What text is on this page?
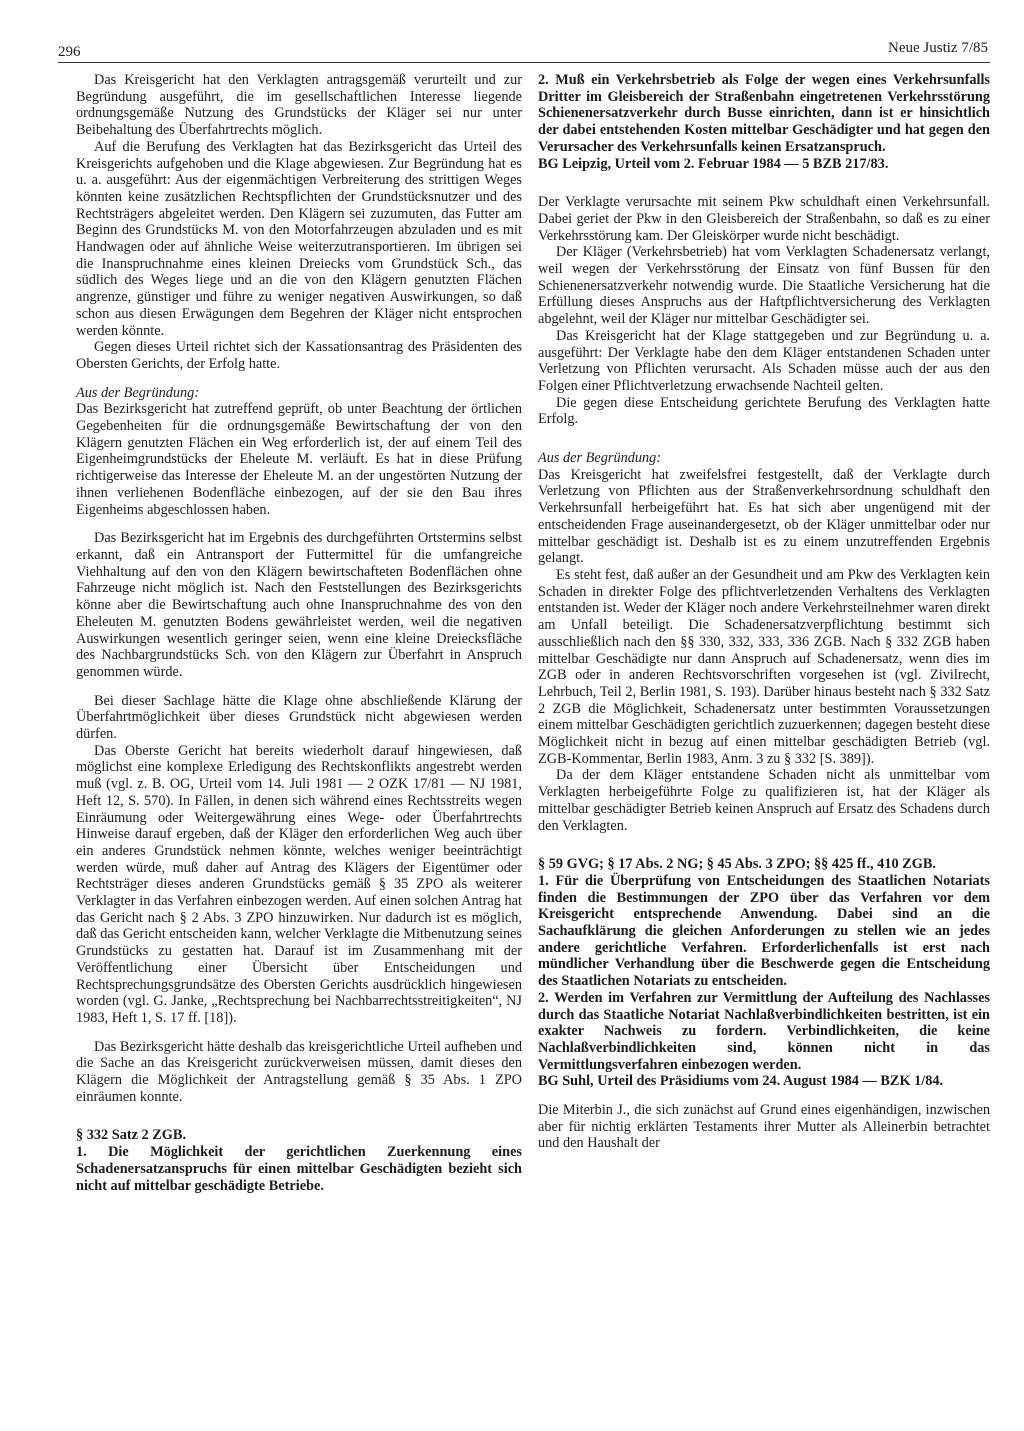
296	Neue Justiz 7/85

Das Kreisgericht hat den Verklagten antragsgemäß verurteilt und zur Begründung ausgeführt, die im gesellschaftlichen Interesse liegende ordnungsgemäße Nutzung des Grundstücks der Kläger sei nur unter Beibehaltung des Überfahrtrechts möglich.

Auf die Berufung des Verklagten hat das Bezirksgericht das Urteil des Kreisgerichts aufgehoben und die Klage abgewiesen. Zur Begründung hat es u. a. ausgeführt: Aus der eigenmächtigen Verbreiterung des strittigen Weges könnten keine zusätzlichen Rechtspflichten der Grundstücksnutzer und des Rechtsträgers abgeleitet werden. Den Klägern sei zuzumuten, das Futter am Beginn des Grundstücks M. von den Motorfahrzeugen abzuladen und es mit Handwagen oder auf ähnliche Weise weiterzutransportieren. Im übrigen sei die Inanspruchnahme eines kleinen Dreiecks vom Grundstück Sch., das südlich des Weges liege und an die von den Klägern genutzten Flächen angrenze, günstiger und führe zu weniger negativen Auswirkungen, so daß schon aus diesen Erwägungen dem Begehren der Kläger nicht entsprochen werden könnte.

Gegen dieses Urteil richtet sich der Kassationsantrag des Präsidenten des Obersten Gerichts, der Erfolg hatte.

Aus der Begründung:

Das Bezirksgericht hat zutreffend geprüft, ob unter Beachtung der örtlichen Gegebenheiten für die ordnungsgemäße Bewirtschaftung der von den Klägern genutzten Flächen ein Weg erforderlich ist, der auf einem Teil des Eigenheimgrundstücks der Eheleute M. verläuft. Es hat in diese Prüfung richtigerweise das Interesse der Eheleute M. an der ungestörten Nutzung der ihnen verliehenen Bodenfläche einbezogen, auf der sie den Bau ihres Eigenheims abgeschlossen haben.

Das Bezirksgericht hat im Ergebnis des durchgeführten Ortstermins selbst erkannt, daß ein Antransport der Futtermittel für die umfangreiche Viehhaltung auf den von den Klägern bewirtschafteten Bodenflächen ohne Fahrzeuge nicht möglich ist. Nach den Feststellungen des Bezirksgerichts könne aber die Bewirtschaftung auch ohne Inanspruchnahme des von den Eheleuten M. genutzten Bodens gewährleistet werden, weil die negativen Auswirkungen wesentlich geringer seien, wenn eine kleine Dreiecksfläche des Nachbargrundstücks Sch. von den Klägern zur Überfahrt in Anspruch genommen würde.

Bei dieser Sachlage hätte die Klage ohne abschließende Klärung der Überfahrtmöglichkeit über dieses Grundstück nicht abgewiesen werden dürfen.

Das Oberste Gericht hat bereits wiederholt darauf hingewiesen, daß möglichst eine komplexe Erledigung des Rechtskonflikts angestrebt werden muß (vgl. z. B. OG, Urteil vom 14. Juli 1981 — 2 OZK 17/81 — NJ 1981, Heft 12, S. 570). In Fällen, in denen sich während eines Rechtsstreits wegen Einräumung oder Weitergewährung eines Wege- oder Überfahrtrechts Hinweise darauf ergeben, daß der Kläger den erforderlichen Weg auch über ein anderes Grundstück nehmen könnte, welches weniger beeinträchtigt werden würde, muß daher auf Antrag des Klägers der Eigentümer oder Rechtsträger dieses anderen Grundstücks gemäß § 35 ZPO als weiterer Verklagter in das Verfahren einbezogen werden. Auf einen solchen Antrag hat das Gericht nach § 2 Abs. 3 ZPO hinzuwirken. Nur dadurch ist es möglich, daß das Gericht entscheiden kann, welcher Verklagte die Mitbenutzung seines Grundstücks zu gestatten hat. Darauf ist im Zusammenhang mit der Veröffentlichung einer Übersicht über Entscheidungen und Rechtsprechungsgrundsätze des Obersten Gerichts ausdrücklich hingewiesen worden (vgl. G. Janke, „Rechtsprechung bei Nachbarrechtsstreitigkeiten“, NJ 1983, Heft 1, S. 17 ff. [18]).

Das Bezirksgericht hätte deshalb das kreisgerichtliche Urteil aufheben und die Sache an das Kreisgericht zurückverweisen müssen, damit dieses den Klägern die Möglichkeit der Antragstellung gemäß § 35 Abs. 1 ZPO einräumen konnte.

§ 332 Satz 2 ZGB.

1. Die Möglichkeit der gerichtlichen Zuerkennung eines Schadenersatzanspruchs für einen mittelbar Geschädigten bezieht sich nicht auf mittelbar geschädigte Betriebe.

2. Muß ein Verkehrsbetrieb als Folge der wegen eines Verkehrsunfalls Dritter im Gleisbereich der Straßenbahn eingetretenen Verkehrsstörung Schienenersatzverkehr durch Busse einrichten, dann ist er hinsichtlich der dabei entstehenden Kosten mittelbar Geschädigter und hat gegen den Verursacher des Verkehrsunfalls keinen Ersatzanspruch.

BG Leipzig, Urteil vom 2. Februar 1984 — 5 BZB 217/83.

Der Verklagte verursachte mit seinem Pkw schuldhaft einen Verkehrsunfall. Dabei geriet der Pkw in den Gleisbereich der Straßenbahn, so daß es zu einer Verkehrsstörung kam. Der Gleiskörper wurde nicht beschädigt.

Der Kläger (Verkehrsbetrieb) hat vom Verklagten Schadenersatz verlangt, weil wegen der Verkehrsstörung der Einsatz von fünf Bussen für den Schienenersatzverkehr notwendig wurde. Die Staatliche Versicherung hat die Erfüllung dieses Anspruchs aus der Haftpflichtversicherung des Verklagten abgelehnt, weil der Kläger nur mittelbar Geschädigter sei.

Das Kreisgericht hat der Klage stattgegeben und zur Begründung u. a. ausgeführt: Der Verklagte habe den dem Kläger entstandenen Schaden unter Verletzung von Pflichten verursacht. Als Schaden müsse auch der aus den Folgen einer Pflichtverletzung erwachsende Nachteil gelten.

Die gegen diese Entscheidung gerichtete Berufung des Verklagten hatte Erfolg.

Aus der Begründung:

Das Kreisgericht hat zweifelsfrei festgestellt, daß der Verklagte durch Verletzung von Pflichten aus der Straßenverkehrsordnung schuldhaft den Verkehrsunfall herbeigeführt hat. Es hat sich aber ungenügend mit der entscheidenden Frage auseinandergesetzt, ob der Kläger unmittelbar oder nur mittelbar geschädigt ist. Deshalb ist es zu einem unzutreffenden Ergebnis gelangt.

Es steht fest, daß außer an der Gesundheit und am Pkw des Verklagten kein Schaden in direkter Folge des pflichtverletzenden Verhaltens des Verklagten entstanden ist. Weder der Kläger noch andere Verkehrsteilnehmer waren direkt am Unfall beteiligt. Die Schadenersatzverpflichtung bestimmt sich ausschließlich nach den §§ 330, 332, 333, 336 ZGB. Nach § 332 ZGB haben mittelbar Geschädigte nur dann Anspruch auf Schadenersatz, wenn dies im ZGB oder in anderen Rechtsvorschriften vorgesehen ist (vgl. Zivilrecht, Lehrbuch, Teil 2, Berlin 1981, S. 193). Darüber hinaus besteht nach § 332 Satz 2 ZGB die Möglichkeit, Schadenersatz unter bestimmten Voraussetzungen einem mittelbar Geschädigten gerichtlich zuzuerkennen; dagegen besteht diese Möglichkeit nicht in bezug auf einen mittelbar geschädigten Betrieb (vgl. ZGB-Kommentar, Berlin 1983, Anm. 3 zu § 332 [S. 389]).

Da der dem Kläger entstandene Schaden nicht als unmittelbar vom Verklagten herbeigeführte Folge zu qualifizieren ist, hat der Kläger als mittelbar geschädigter Betrieb keinen Anspruch auf Ersatz des Schadens durch den Verklagten.

§ 59 GVG; § 17 Abs. 2 NG; § 45 Abs. 3 ZPO; §§ 425 ff., 410 ZGB.

1. Für die Überprüfung von Entscheidungen des Staatlichen Notariats finden die Bestimmungen der ZPO über das Verfahren vor dem Kreisgericht entsprechende Anwendung. Dabei sind an die Sachaufklärung die gleichen Anforderungen zu stellen wie an jedes andere gerichtliche Verfahren. Erforderlichenfalls ist erst nach mündlicher Verhandlung über die Beschwerde gegen die Entscheidung des Staatlichen Notariats zu entscheiden.

2. Werden im Verfahren zur Vermittlung der Aufteilung des Nachlasses durch das Staatliche Notariat Nachlaßverbindlichkeiten bestritten, ist ein exakter Nachweis zu fordern. Verbindlichkeiten, die keine Nachlaßverbindlichkeiten sind, können nicht in das Vermittlungsverfahren einbezogen werden.

BG Suhl, Urteil des Präsidiums vom 24. August 1984 — BZK 1/84.

Die Miterbin J., die sich zunächst auf Grund eines eigenhändigen, inzwischen aber für nichtig erklärten Testaments ihrer Mutter als Alleinerbin betrachtet und den Haushalt der
